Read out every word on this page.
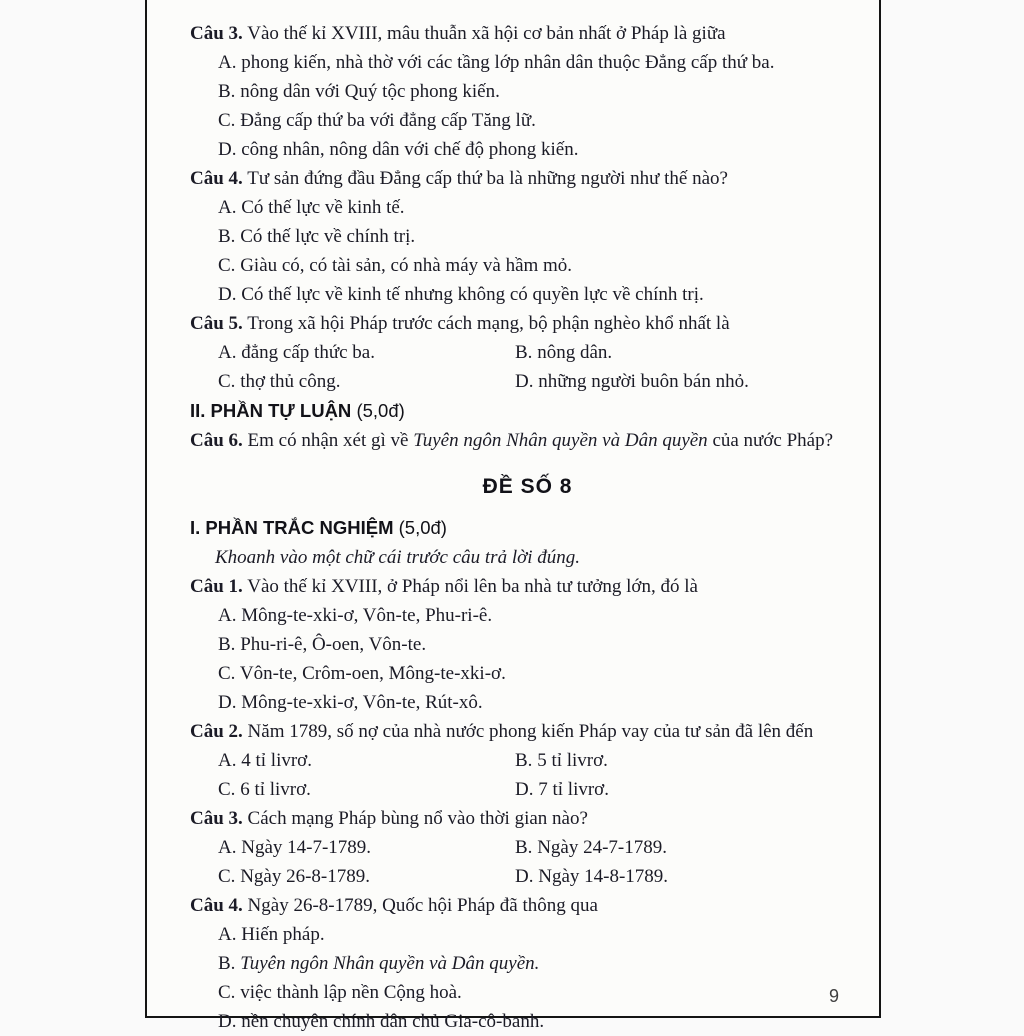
Câu 3. Vào thế kỉ XVIII, mâu thuẫn xã hội cơ bản nhất ở Pháp là giữa
A. phong kiến, nhà thờ với các tầng lớp nhân dân thuộc Đẳng cấp thứ ba.
B. nông dân với Quý tộc phong kiến.
C. Đẳng cấp thứ ba với đẳng cấp Tăng lữ.
D. công nhân, nông dân với chế độ phong kiến.
Câu 4. Tư sản đứng đầu Đẳng cấp thứ ba là những người như thế nào?
A. Có thế lực về kinh tế.
B. Có thế lực về chính trị.
C. Giàu có, có tài sản, có nhà máy và hầm mỏ.
D. Có thế lực về kinh tế nhưng không có quyền lực về chính trị.
Câu 5. Trong xã hội Pháp trước cách mạng, bộ phận nghèo khổ nhất là
A. đẳng cấp thức ba.	B. nông dân.
C. thợ thủ công.	D. những người buôn bán nhỏ.
II. PHẦN TỰ LUẬN (5,0đ)
Câu 6. Em có nhận xét gì về Tuyên ngôn Nhân quyền và Dân quyền của nước Pháp?
ĐỀ SỐ 8
I. PHẦN TRẮC NGHIỆM (5,0đ)
Khoanh vào một chữ cái trước câu trả lời đúng.
Câu 1. Vào thế kỉ XVIII, ở Pháp nổi lên ba nhà tư tưởng lớn, đó là
A. Mông-te-xki-ơ, Vôn-te, Phu-ri-ê.
B. Phu-ri-ê, Ô-oen, Vôn-te.
C. Vôn-te, Crôm-oen, Mông-te-xki-ơ.
D. Mông-te-xki-ơ, Vôn-te, Rút-xô.
Câu 2. Năm 1789, số nợ của nhà nước phong kiến Pháp vay của tư sản đã lên đến
A. 4 tỉ livrơ.	B. 5 tỉ livrơ.
C. 6 tỉ livrơ.	D. 7 tỉ livrơ.
Câu 3. Cách mạng Pháp bùng nổ vào thời gian nào?
A. Ngày 14-7-1789.	B. Ngày 24-7-1789.
C. Ngày 26-8-1789.	D. Ngày 14-8-1789.
Câu 4. Ngày 26-8-1789, Quốc hội Pháp đã thông qua
A. Hiến pháp.
B. Tuyên ngôn Nhân quyền và Dân quyền.
C. việc thành lập nền Cộng hoà.
D. nền chuyên chính dân chủ Gia-cô-banh.
9
